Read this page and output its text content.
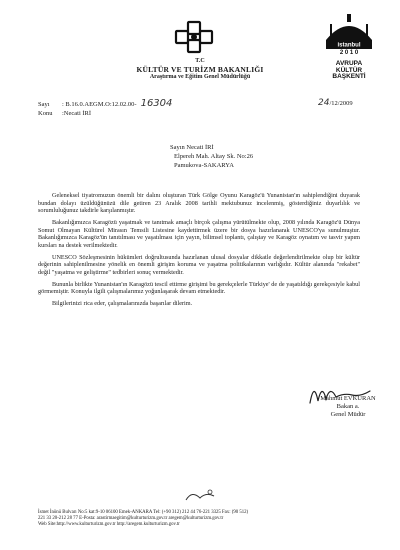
T.C
KÜLTÜR VE TURİZM BAKANLIĞI
Araştırma ve Eğitim Genel Müdürlüğü
istanbul
2 0 1 0
AVRUPA
KÜLTÜR
BAŞKENTİ
Sayı : B.16.0.AEGM.O:12.02.00- 16304
Konu :Necati İRİ
24/12/2009
Sayın Necati İRİ
Elpereh Mah. Altay Sk. No:26
Pamukova-SAKARYA

Geleneksel tiyatromuzun önemli bir dalını oluşturan Türk Gölge Oyunu Karagöz'ü Yunanistan'ın sahiplendiğini duyarak bundan dolayı üzüldüğünüzü dile getiren 23 Aralık 2008 tarihli mektubunuz incelenmiş, gösterdiğiniz duyarlılık ve sorumluluğunuz takdirle karşılanmıştır.

Bakanlığımızca Karagözü yaşatmak ve tanıtmak amaçlı birçok çalışma yürütülmekte olup, 2008 yılında Karagöz'ü Dünya Somut Olmayan Kültürel Mirasın Temsili Listesine kaydettirmek üzere bir dosya hazırlanarak UNESCO'ya sunulmuştur. Bakanlığımızca Karagöz'ün tanıtılması ve yaşatılması için yayın, bilimsel toplantı, çalıştay ve Karagöz oynatım ve tasvir yapım kursları na destek verilmektedir.

UNESCO Sözleşmesinin hükümleri doğrultusunda hazırlanan ulusal dosyalar dikkatle değerlendirilmekte olup bir kültür değerinin sahiplenilmesine yönelik en önemli girişim koruma ve yaşatma politikalarının varlığıdır. Kültür alanında "rekabet" değil "yaşatma ve geliştirme" tedbirleri sonuç vermektedir.

Bununla birlikte Yunanistan'ın Karagözü tescil ettirme girişimi bu gerekçelerle Türkiye' de de yaşatıldığı gerekçesiyle kabul görmemiştir. Konuyla ilgili çalışmalarımız yoğunlaşarak devam etmektedir.

Bilgilerinizi rica eder, çalışmalarınızda başarılar dilerim.

Mahmut EVKURAN
Bakan a.
Genel Müdür
İsmet İnönü Bulvarı No:5 kat:9-10 06100 Emek-ANKARA Tel: (+90 312) 212 44 76-221 3325 Fax: (90 512)
221 33 20-212 28 77 E-Posta: arastirmaegitim@kulturturizm.gov.tr aregem@kulturturizm.gov.tr
Web Site:http://www.kulturturizm.gov.tr http://aregem.kulturturizm.gov.tr
